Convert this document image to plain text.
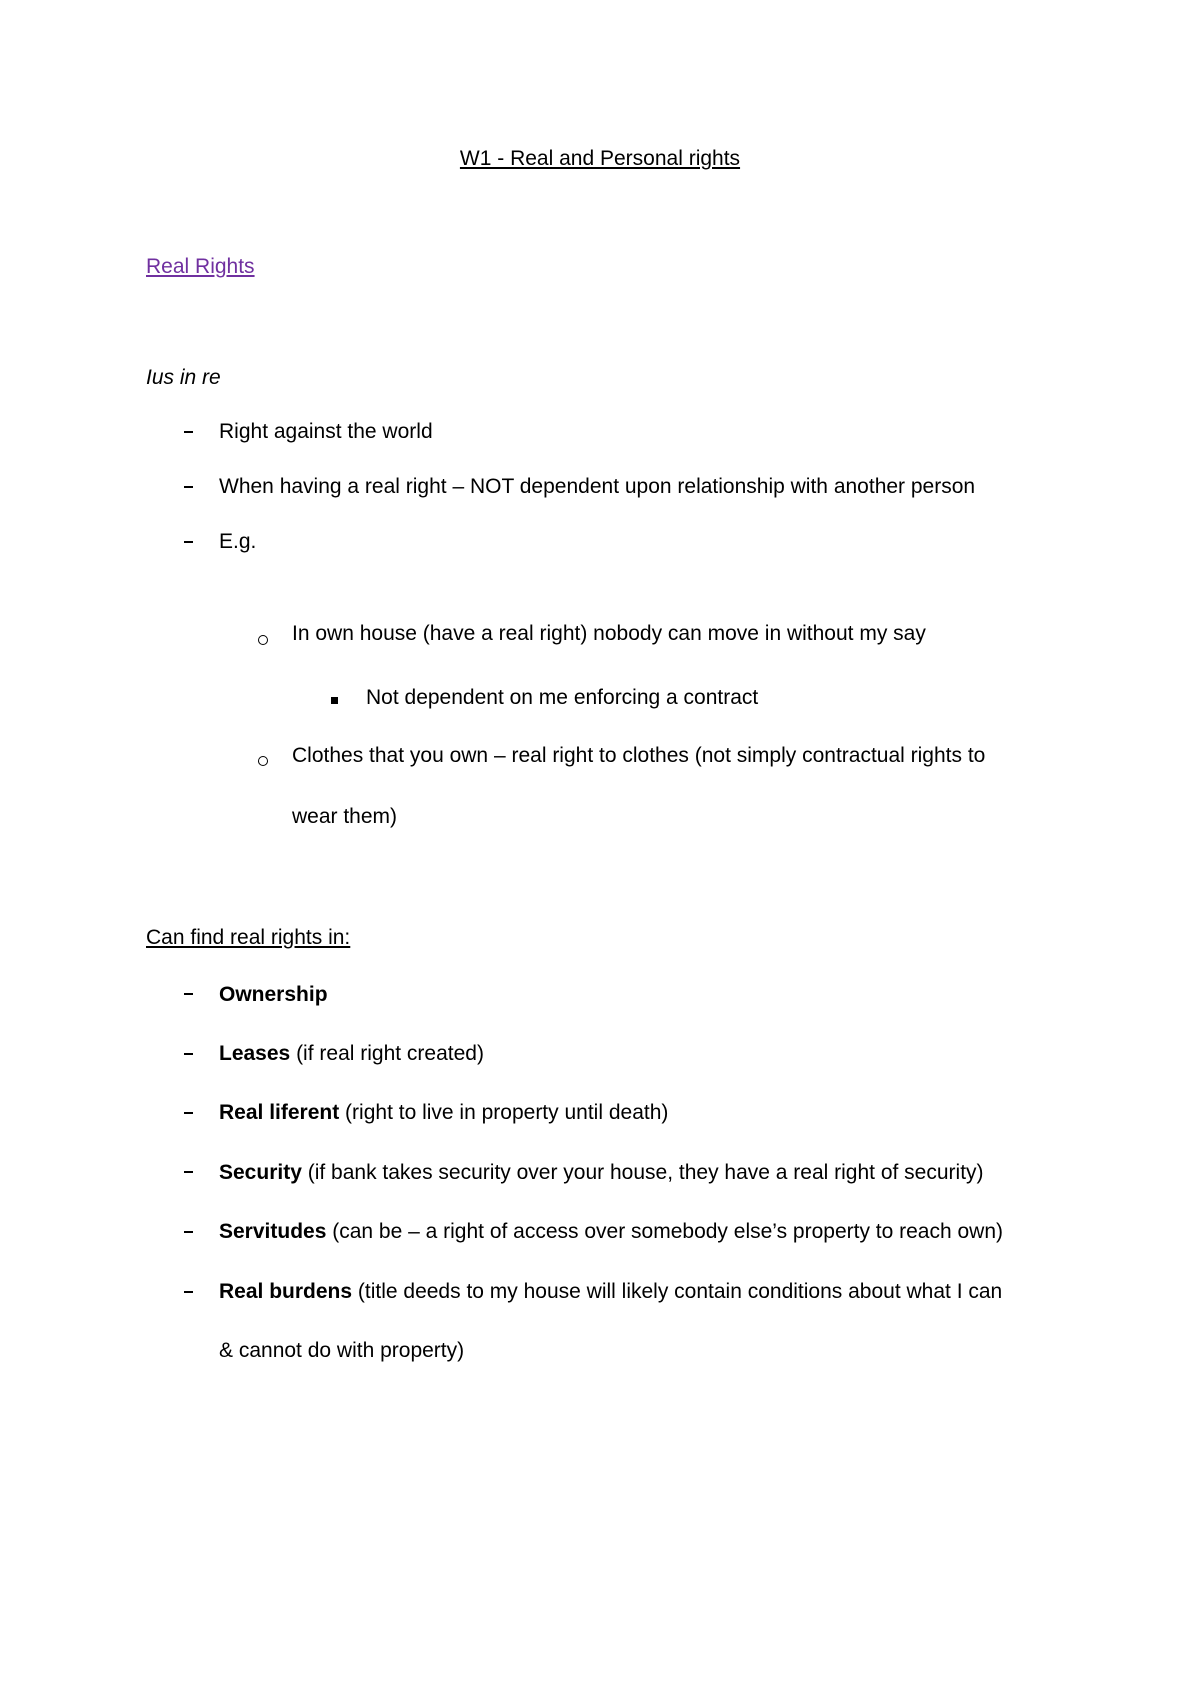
W1 - Real and Personal rights
Real Rights
Ius in re
Right against the world
When having a real right – NOT dependent upon relationship with another person
E.g.
In own house (have a real right) nobody can move in without my say
Not dependent on me enforcing a contract
Clothes that you own – real right to clothes (not simply contractual rights to
wear them)
Can find real rights in:
Ownership
Leases (if real right created)
Real liferent (right to live in property until death)
Security (if bank takes security over your house, they have a real right of security)
Servitudes (can be – a right of access over somebody else’s property to reach own)
Real burdens (title deeds to my house will likely contain conditions about what I can
& cannot do with property)
